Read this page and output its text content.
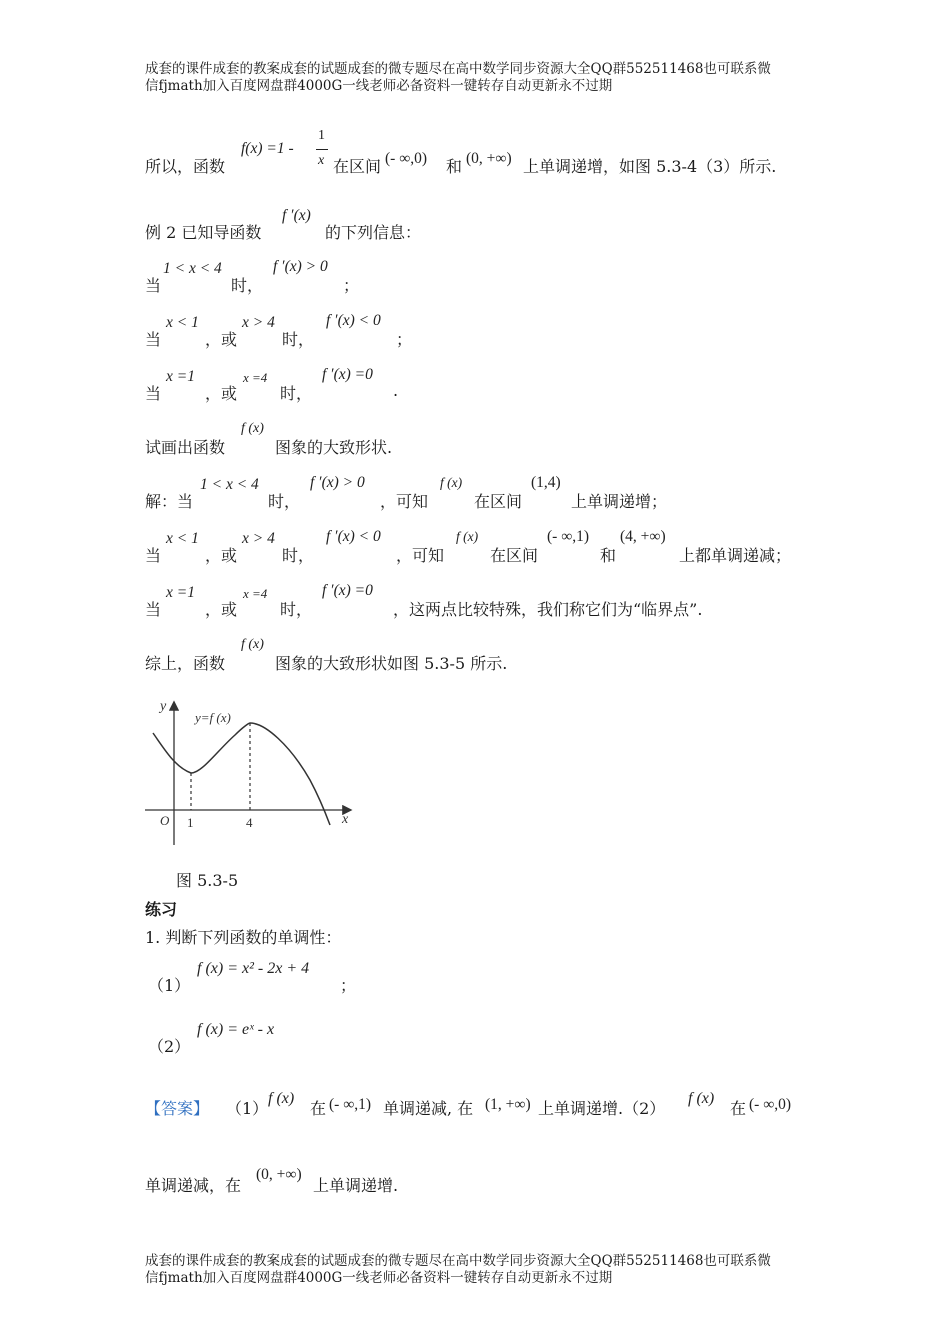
成套的课件成套的教案成套的试题成套的微专题尽在高中数学同步资源大全QQ群552511468也可联系微
信fjmath加入百度网盘群4000G一线老师必备资料一键转存自动更新永不过期
所以，函数
f(x) =1 -
1
x 在区间 (- ∞,0) 和 (0, +∞) 上单调递增，如图 5.3-4（3）所示.
例 2 已知导函数
f ′(x)
的下列信息：
当
1 < x < 4
时，
f ′(x) > 0
；
当
x < 1
，或
x > 4
时，
f ′(x) < 0
；
当
x =1
，或
x =4
时，
f ′(x) =0
.
试画出函数
f (x)
图象的大致形状.
解：当
1 < x < 4
时，
f ′(x) > 0
，可知
f (x)
在区间
(1,4)
上单调递增；
当
x < 1
，或
x > 4
时，
f ′(x) < 0
，可知
f (x)
在区间
(- ∞,1)
和
(4, +∞)
上都单调递减；
当
x =1
，或
x =4
时，
f ′(x) =0
，这两点比较特殊，我们称它们为“临界点”.
综上，函数
f (x)
图象的大致形状如图 5.3-5 所示.
y
x
O
y=f (x)
1	4
图 5.3-5
练习
1. 判断下列函数的单调性：
（1）
f (x) = x² - 2x + 4
；
（2）
f (x) = eˣ - x
【答案】 （1）
f (x)
在 (- ∞,1) 单调递减, 在 (1, +∞) 上单调递增.（2）
f (x)
在 (- ∞,0)
单调递减，在
(0, +∞)
上单调递增.
成套的课件成套的教案成套的试题成套的微专题尽在高中数学同步资源大全QQ群552511468也可联系微
信fjmath加入百度网盘群4000G一线老师必备资料一键转存自动更新永不过期
